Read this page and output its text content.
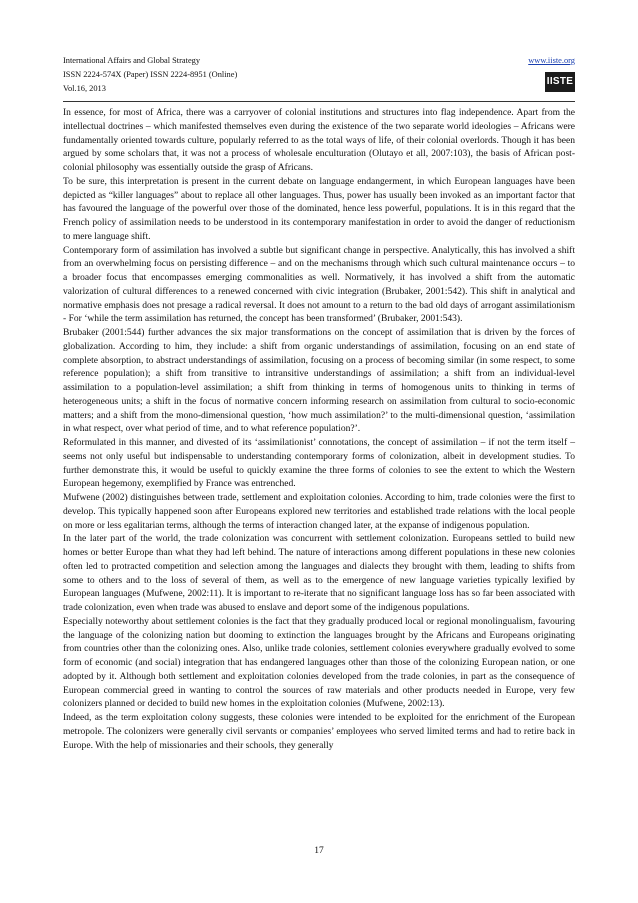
International Affairs and Global Strategy
ISSN 2224-574X (Paper) ISSN 2224-8951 (Online)
Vol.16, 2013
www.iiste.org
IISTE

In essence, for most of Africa, there was a carryover of colonial institutions and structures into flag independence. Apart from the intellectual doctrines – which manifested themselves even during the existence of the two separate world ideologies – Africans were fundamentally oriented towards culture, popularly referred to as the total ways of life, of their colonial overlords. Though it has been argued by some scholars that, it was not a process of wholesale enculturation (Olutayo et all, 2007:103), the basis of African post-colonial philosophy was essentially outside the grasp of Africans.

To be sure, this interpretation is present in the current debate on language endangerment, in which European languages have been depicted as “killer languages” about to replace all other languages. Thus, power has usually been invoked as an important factor that has favoured the language of the powerful over those of the dominated, hence less powerful, populations. It is in this regard that the French policy of assimilation needs to be understood in its contemporary manifestation in order to avoid the danger of reductionism to mere language shift.

Contemporary form of assimilation has involved a subtle but significant change in perspective. Analytically, this has involved a shift from an overwhelming focus on persisting difference – and on the mechanisms through which such cultural maintenance occurs – to a broader focus that encompasses emerging commonalities as well. Normatively, it has involved a shift from the automatic valorization of cultural differences to a renewed concerned with civic integration (Brubaker, 2001:542). This shift in analytical and normative emphasis does not presage a radical reversal. It does not amount to a return to the bad old days of arrogant assimilationism - For ‘while the term assimilation has returned, the concept has been transformed’ (Brubaker, 2001:543).

Brubaker (2001:544) further advances the six major transformations on the concept of assimilation that is driven by the forces of globalization. According to him, they include: a shift from organic understandings of assimilation, focusing on an end state of complete absorption, to abstract understandings of assimilation, focusing on a process of becoming similar (in some respect, to some reference population); a shift from transitive to intransitive understandings of assimilation; a shift from an individual-level assimilation to a population-level assimilation; a shift from thinking in terms of homogenous units to thinking in terms of heterogeneous units; a shift in the focus of normative concern informing research on assimilation from cultural to socio-economic matters; and a shift from the mono-dimensional question, ‘how much assimilation?’ to the multi-dimensional question, ‘assimilation in what respect, over what period of time, and to what reference population?’.

Reformulated in this manner, and divested of its ‘assimilationist’ connotations, the concept of assimilation – if not the term itself – seems not only useful but indispensable to understanding contemporary forms of colonization, albeit in development studies. To further demonstrate this, it would be useful to quickly examine the three forms of colonies to see the extent to which the Western European hegemony, exemplified by France was entrenched.

Mufwene (2002) distinguishes between trade, settlement and exploitation colonies. According to him, trade colonies were the first to develop. This typically happened soon after Europeans explored new territories and established trade relations with the local people on more or less egalitarian terms, although the terms of interaction changed later, at the expanse of indigenous population.

In the later part of the world, the trade colonization was concurrent with settlement colonization. Europeans settled to build new homes or better Europe than what they had left behind. The nature of interactions among different populations in these new colonies often led to protracted competition and selection among the languages and dialects they brought with them, leading to shifts from some to others and to the loss of several of them, as well as to the emergence of new language varieties typically lexified by European languages (Mufwene, 2002:11). It is important to re-iterate that no significant language loss has so far been associated with trade colonization, even when trade was abused to enslave and deport some of the indigenous populations.

Especially noteworthy about settlement colonies is the fact that they gradually produced local or regional monolingualism, favouring the language of the colonizing nation but dooming to extinction the languages brought by the Africans and Europeans originating from countries other than the colonizing ones. Also, unlike trade colonies, settlement colonies everywhere gradually evolved to some form of economic (and social) integration that has endangered languages other than those of the colonizing European nation, or one adopted by it. Although both settlement and exploitation colonies developed from the trade colonies, in part as the consequence of European commercial greed in wanting to control the sources of raw materials and other products needed in Europe, very few colonizers planned or decided to build new homes in the exploitation colonies (Mufwene, 2002:13).

Indeed, as the term exploitation colony suggests, these colonies were intended to be exploited for the enrichment of the European metropole. The colonizers were generally civil servants or companies’ employees who served limited terms and had to retire back in Europe. With the help of missionaries and their schools, they generally

17
